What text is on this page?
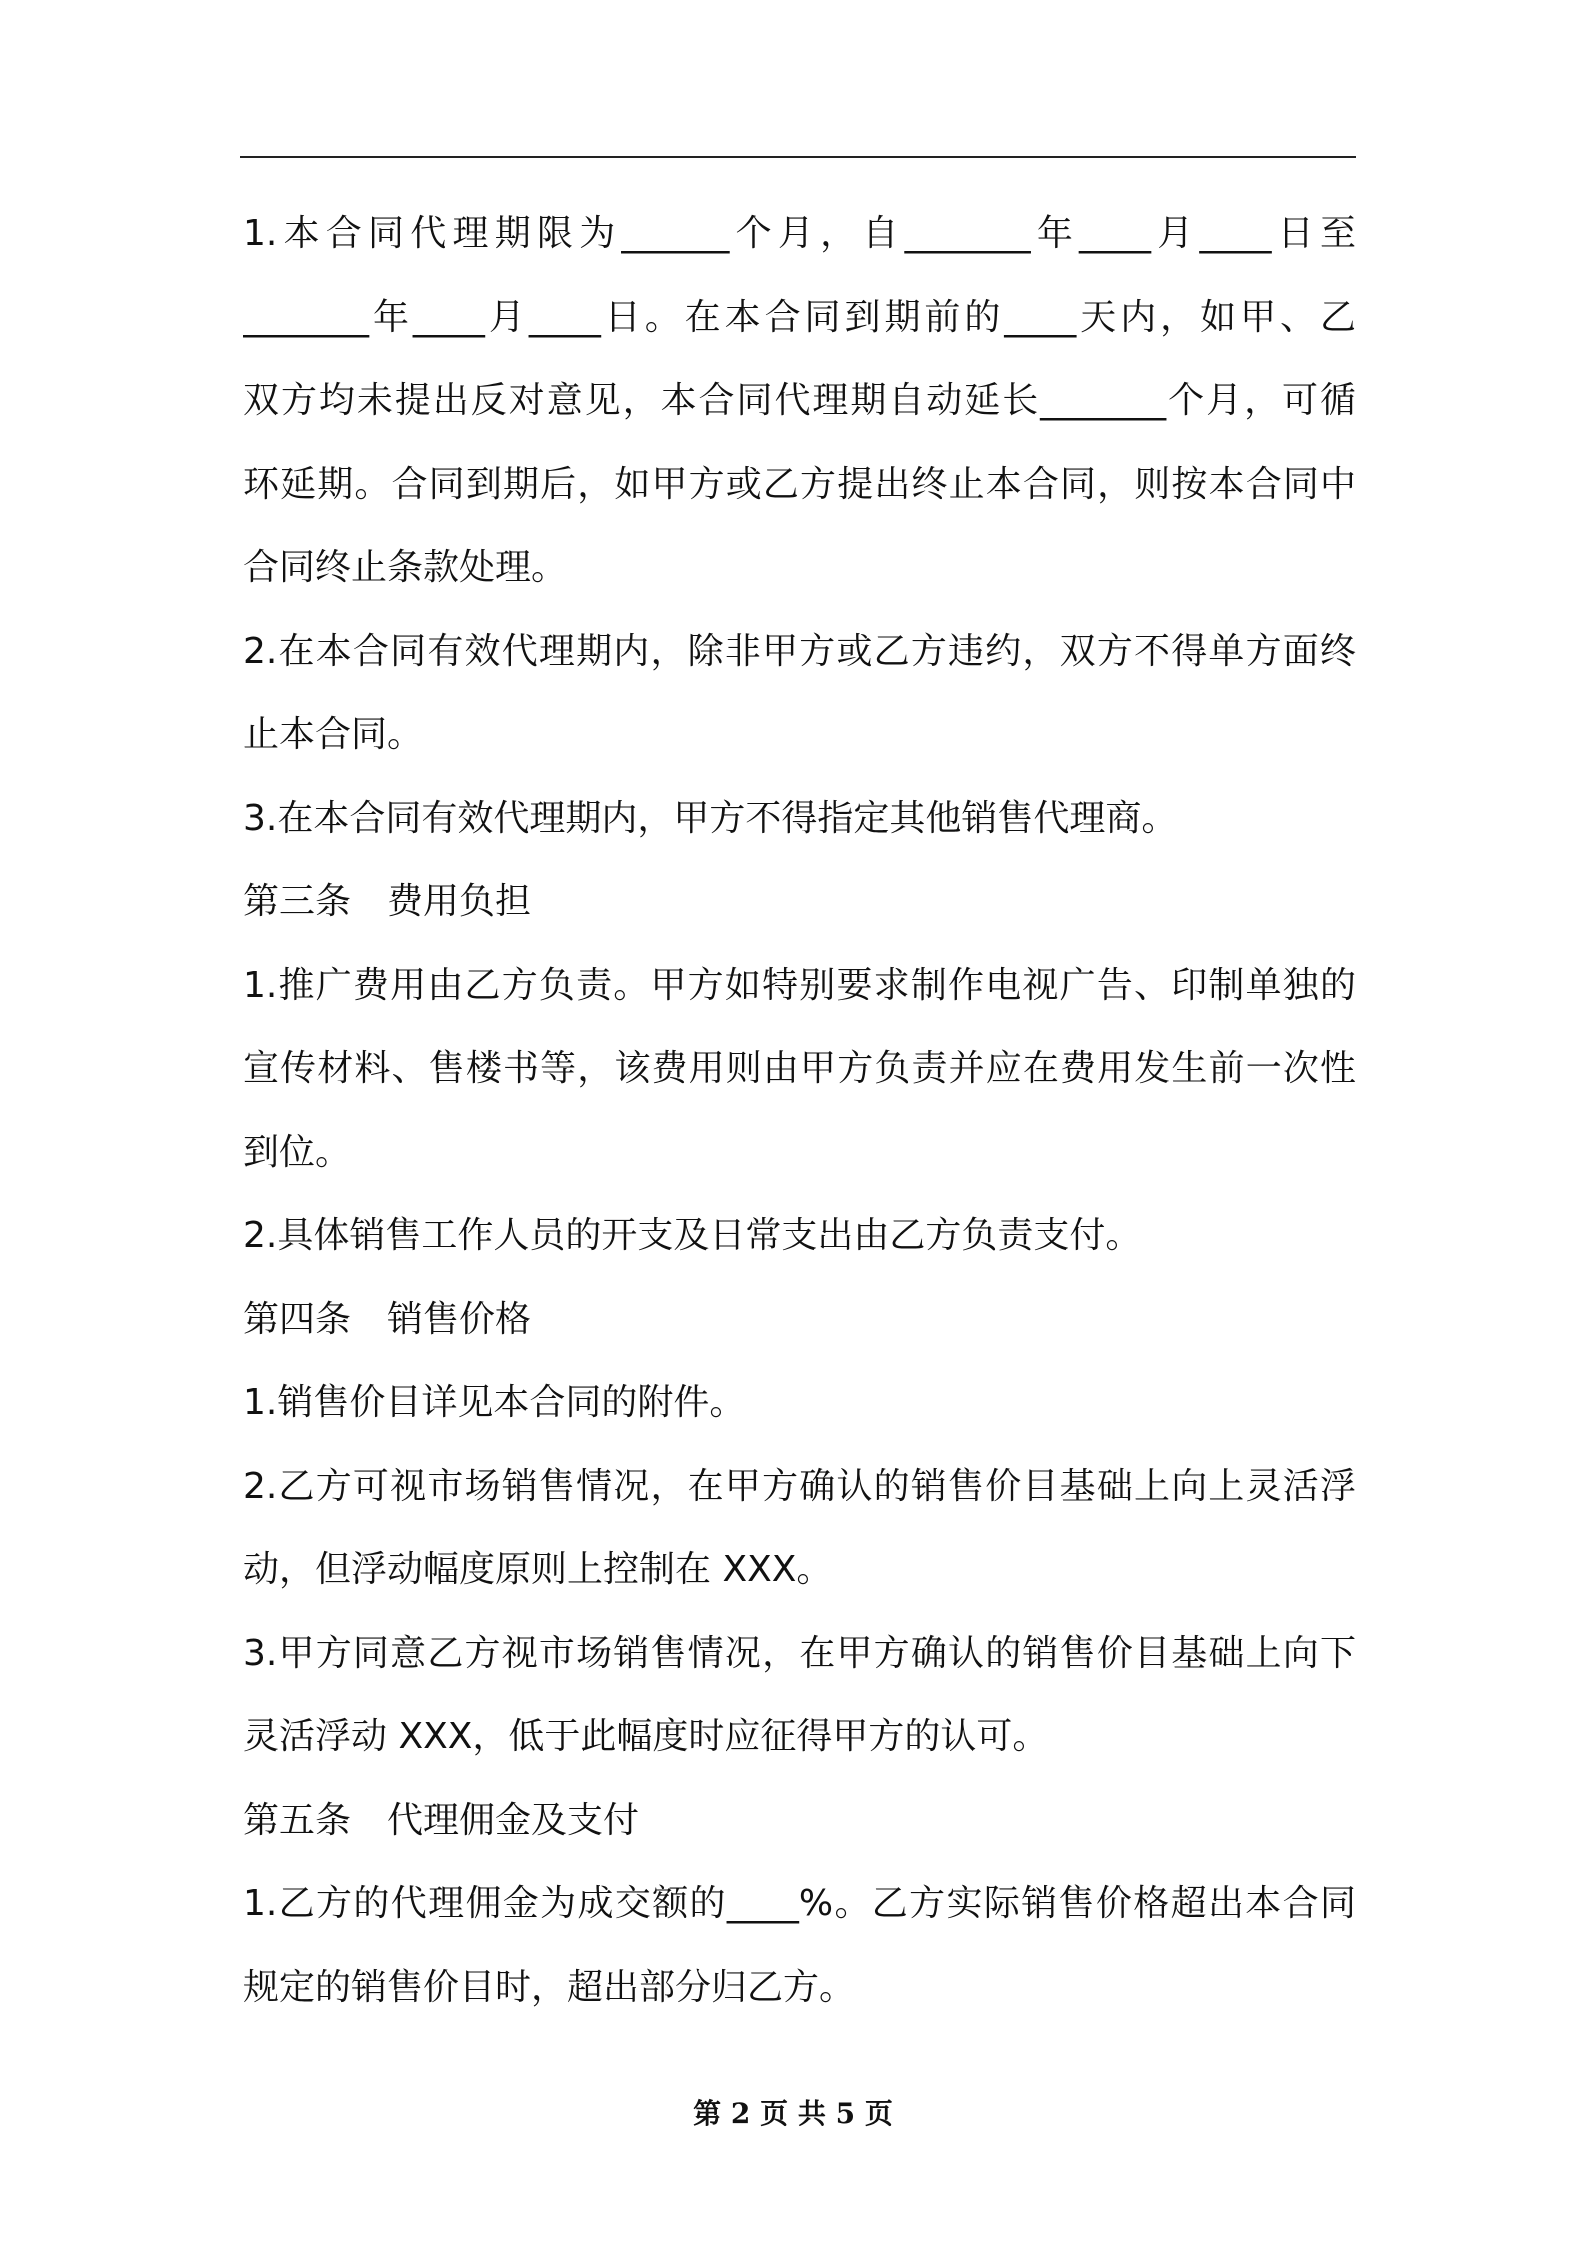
1.本合同代理期限为______个月，自_______年____月____日至
_______年____月____日。在本合同到期前的____天内，如甲、乙
双方均未提出反对意见，本合同代理期自动延长_______个月，可循
环延期。合同到期后，如甲方或乙方提出终止本合同，则按本合同中
合同终止条款处理。
2.在本合同有效代理期内，除非甲方或乙方违约，双方不得单方面终
止本合同。
3.在本合同有效代理期内，甲方不得指定其他销售代理商。
第三条　费用负担
1.推广费用由乙方负责。甲方如特别要求制作电视广告、印制单独的
宣传材料、售楼书等，该费用则由甲方负责并应在费用发生前一次性
到位。
2.具体销售工作人员的开支及日常支出由乙方负责支付。
第四条　销售价格
1.销售价目详见本合同的附件。
2.乙方可视市场销售情况，在甲方确认的销售价目基础上向上灵活浮
动，但浮动幅度原则上控制在 XXX。
3.甲方同意乙方视市场销售情况，在甲方确认的销售价目基础上向下
灵活浮动 XXX，低于此幅度时应征得甲方的认可。
第五条　代理佣金及支付
1.乙方的代理佣金为成交额的____%。乙方实际销售价格超出本合同
规定的销售价目时，超出部分归乙方。
第 2 页 共 5 页
